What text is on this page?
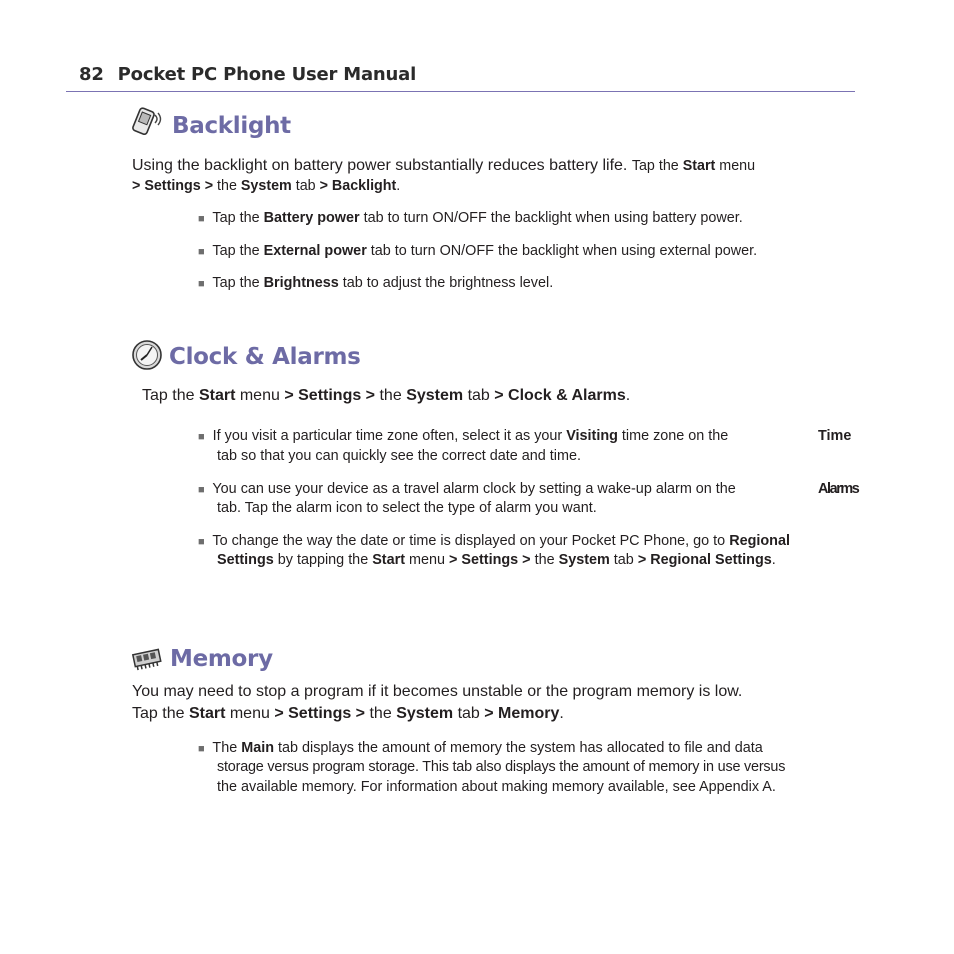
82 Pocket PC Phone User Manual
Backlight
Using the backlight on battery power substantially reduces battery life. Tap the Start menu
> Settings > the System tab > Backlight.
■ Tap the Battery power tab to turn ON/OFF the backlight when using battery power.
■ Tap the External power tab to turn ON/OFF the backlight when using external power.
■ Tap the Brightness tab to adjust the brightness level.
Clock & Alarms
Tap the Start menu > Settings > the System tab > Clock & Alarms.
■ If you visit a particular time zone often, select it as your Visiting time zone on the	Time
tab so that you can quickly see the correct date and time.
■ You can use your device as a travel alarm clock by setting a wake-up alarm on the	Alarms
tab. Tap the alarm icon to select the type of alarm you want.
■ To change the way the date or time is displayed on your Pocket PC Phone, go to Regional
Settings by tapping the Start menu > Settings > the System tab > Regional Settings.
Memory
You may need to stop a program if it becomes unstable or the program memory is low.
Tap the Start menu > Settings > the System tab > Memory.
■ The Main tab displays the amount of memory the system has allocated to file and data
storage versus program storage. This tab also displays the amount of memory in use versus
the available memory. For information about making memory available, see Appendix A.
